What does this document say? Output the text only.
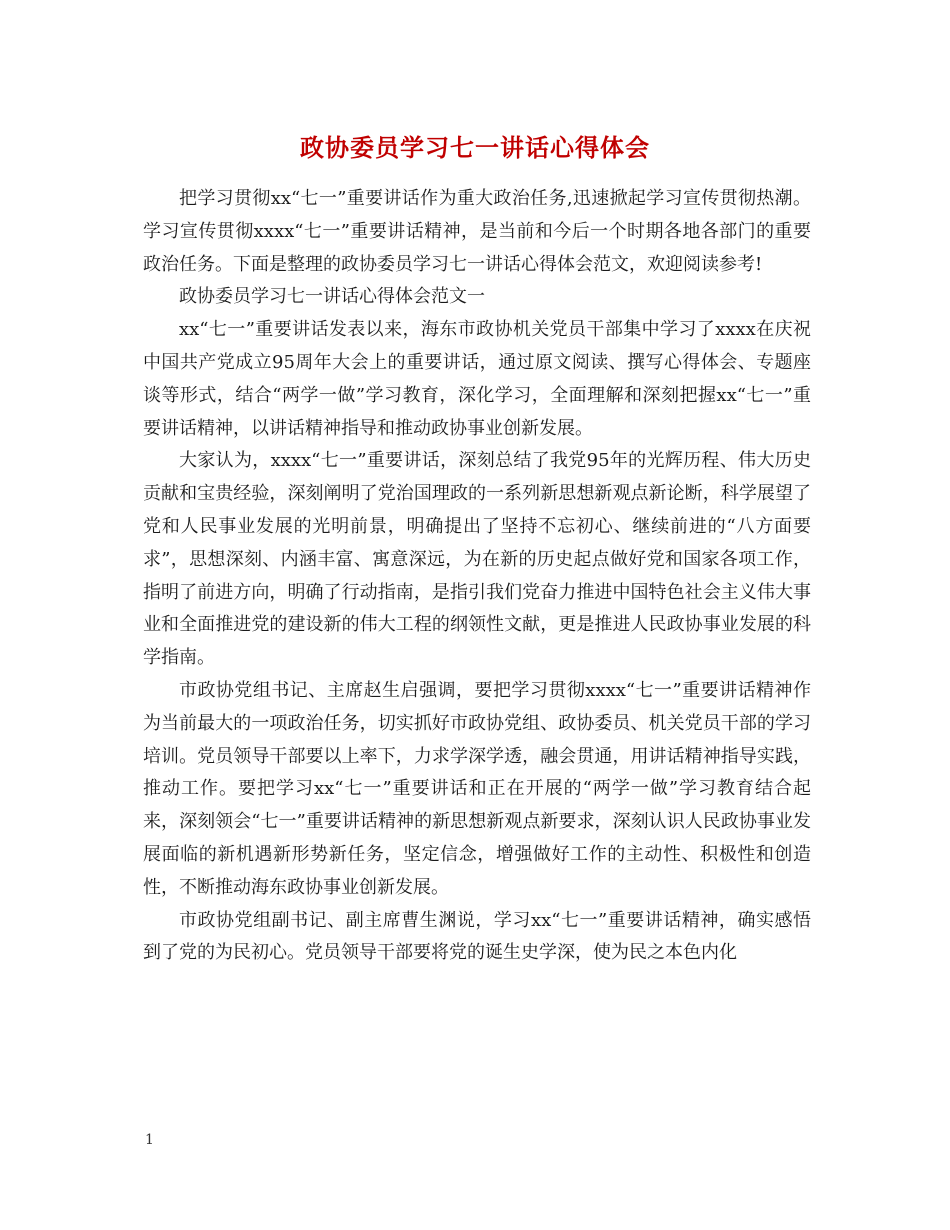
政协委员学习七一讲话心得体会

把学习贯彻xx“七一”重要讲话作为重大政治任务,迅速掀起学习宣传贯彻热潮。学习宣传贯彻xxxx“七一”重要讲话精神，是当前和今后一个时期各地各部门的重要政治任务。下面是整理的政协委员学习七一讲话心得体会范文，欢迎阅读参考!

政协委员学习七一讲话心得体会范文一

xx“七一”重要讲话发表以来，海东市政协机关党员干部集中学习了xxxx在庆祝中国共产党成立95周年大会上的重要讲话，通过原文阅读、撰写心得体会、专题座谈等形式，结合“两学一做”学习教育，深化学习，全面理解和深刻把握xx“七一”重要讲话精神，以讲话精神指导和推动政协事业创新发展。

大家认为，xxxx“七一”重要讲话，深刻总结了我党95年的光辉历程、伟大历史贡献和宝贵经验，深刻阐明了党治国理政的一系列新思想新观点新论断，科学展望了党和人民事业发展的光明前景，明确提出了坚持不忘初心、继续前进的“八方面要求”，思想深刻、内涵丰富、寓意深远，为在新的历史起点做好党和国家各项工作，指明了前进方向，明确了行动指南，是指引我们党奋力推进中国特色社会主义伟大事业和全面推进党的建设新的伟大工程的纲领性文献，更是推进人民政协事业发展的科学指南。

市政协党组书记、主席赵生启强调，要把学习贯彻xxxx“七一”重要讲话精神作为当前最大的一项政治任务，切实抓好市政协党组、政协委员、机关党员干部的学习培训。党员领导干部要以上率下，力求学深学透，融会贯通，用讲话精神指导实践，推动工作。要把学习xx“七一”重要讲话和正在开展的“两学一做”学习教育结合起来，深刻领会“七一”重要讲话精神的新思想新观点新要求，深刻认识人民政协事业发展面临的新机遇新形势新任务，坚定信念，增强做好工作的主动性、积极性和创造性，不断推动海东政协事业创新发展。

市政协党组副书记、副主席曹生渊说，学习xx“七一”重要讲话精神，确实感悟到了党的为民初心。党员领导干部要将党的诞生史学深，使为民之本色内化

1
